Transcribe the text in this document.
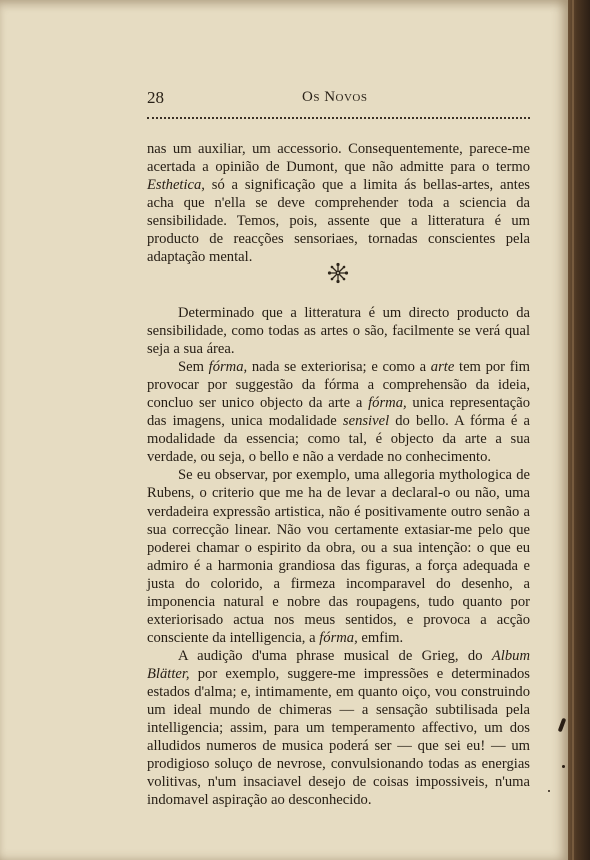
28	Os Novos

nas um auxiliar, um accessorio. Consequentemente, parece-me acertada a opinião de Dumont, que não admitte para o termo Esthetica, só a significação que a limita ás bellas-artes, antes acha que n'ella se deve comprehender toda a sciencia da sensibilidade. Temos, pois, assente que a litteratura é um producto de reacções sensoriaes, tornadas conscientes pela adaptação mental.

Determinado que a litteratura é um directo producto da sensibilidade, como todas as artes o são, facilmente se verá qual seja a sua área.

Sem fórma, nada se exteriorisa; e como a arte tem por fim provocar por suggestão da fórma a comprehensão da ideia, concluo ser unico objecto da arte a fórma, unica representação das imagens, unica modalidade sensivel do bello. A fórma é a modalidade da essencia; como tal, é objecto da arte a sua verdade, ou seja, o bello e não a verdade no conhecimento.

Se eu observar, por exemplo, uma allegoria mythologica de Rubens, o criterio que me ha de levar a declaral-o ou não, uma verdadeira expressão artistica, não é positivamente outro senão a sua correcção linear. Não vou certamente extasiar-me pelo que poderei chamar o espirito da obra, ou a sua intenção: o que eu admiro é a harmonia grandiosa das figuras, a força adequada e justa do colorido, a firmeza incomparavel do desenho, a imponencia natural e nobre das roupagens, tudo quanto por exteriorisado actua nos meus sentidos, e provoca a acção consciente da intelligencia, a fórma, emfim.

A audição d'uma phrase musical de Grieg, do Album Blätter, por exemplo, suggere-me impressões e determinados estados d'alma; e, intimamente, em quanto oiço, vou construindo um ideal mundo de chimeras — a sensação subtilisada pela intelligencia; assim, para um temperamento affectivo, um dos alludidos numeros de musica poderá ser — que sei eu! — um prodigioso soluço de nevrose, convulsionando todas as energias volitivas, n'um insaciavel desejo de coisas impossiveis, n'uma indomavel aspiração ao desconhecido.
